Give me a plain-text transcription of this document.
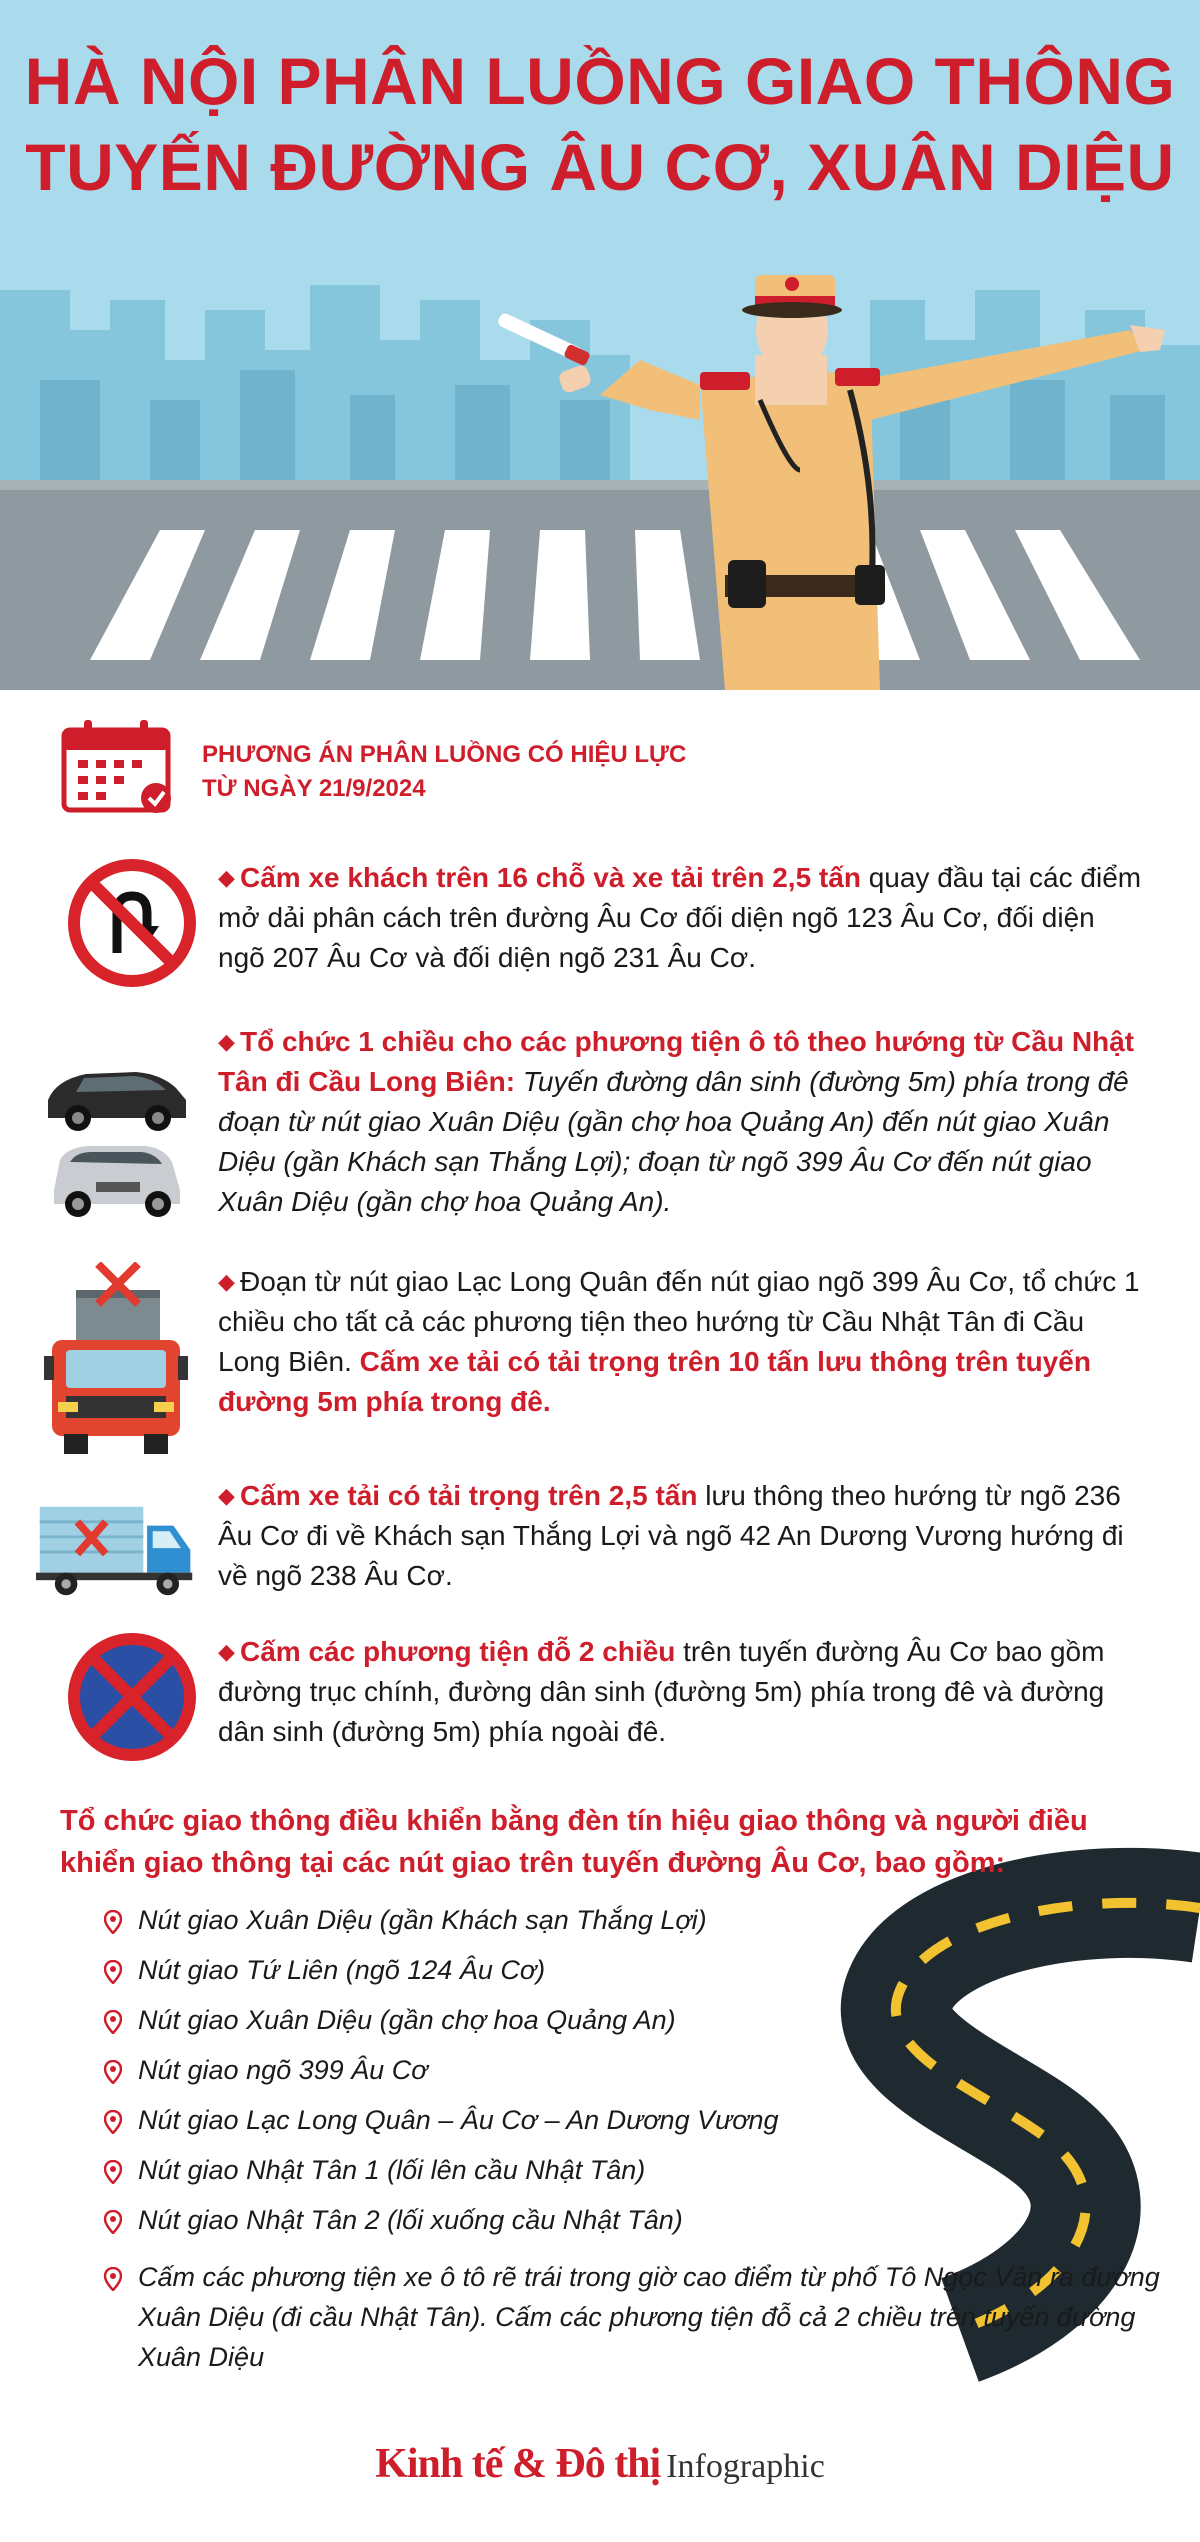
HÀ NỘI PHÂN LUỒNG GIAO THÔNG
TUYẾN ĐƯỜNG ÂU CƠ, XUÂN DIỆU
PHƯƠNG ÁN PHÂN LUỒNG CÓ HIỆU LỰC
TỪ NGÀY 21/9/2024
◆ Cấm xe khách trên 16 chỗ và xe tải trên 2,5 tấn quay đầu tại các điểm mở dải phân cách trên đường Âu Cơ đối diện ngõ 123 Âu Cơ, đối diện ngõ 207 Âu Cơ và đối diện ngõ 231 Âu Cơ.
◆ Tổ chức 1 chiều cho các phương tiện ô tô theo hướng từ Cầu Nhật Tân đi Cầu Long Biên: Tuyến đường dân sinh (đường 5m) phía trong đê đoạn từ nút giao Xuân Diệu (gần chợ hoa Quảng An) đến nút giao Xuân Diệu (gần Khách sạn Thắng Lợi); đoạn từ ngõ 399 Âu Cơ đến nút giao Xuân Diệu (gần chợ hoa Quảng An).
◆ Đoạn từ nút giao Lạc Long Quân đến nút giao ngõ 399 Âu Cơ, tổ chức 1 chiều cho tất cả các phương tiện theo hướng từ Cầu Nhật Tân đi Cầu Long Biên. Cấm xe tải có tải trọng trên 10 tấn lưu thông trên tuyến đường 5m phía trong đê.
◆ Cấm xe tải có tải trọng trên 2,5 tấn lưu thông theo hướng từ ngõ 236 Âu Cơ đi về Khách sạn Thắng Lợi và ngõ 42 An Dương Vương hướng đi về ngõ 238 Âu Cơ.
◆ Cấm các phương tiện đỗ 2 chiều trên tuyến đường Âu Cơ bao gồm đường trục chính, đường dân sinh (đường 5m) phía trong đê và đường dân sinh (đường 5m) phía ngoài đê.
Tổ chức giao thông điều khiển bằng đèn tín hiệu giao thông và người điều khiển giao thông tại các nút giao trên tuyến đường Âu Cơ, bao gồm:
Nút giao Xuân Diệu (gần Khách sạn Thắng Lợi)
Nút giao Tứ Liên (ngõ 124 Âu Cơ)
Nút giao Xuân Diệu (gần chợ hoa Quảng An)
Nút giao ngõ 399 Âu Cơ
Nút giao Lạc Long Quân – Âu Cơ – An Dương Vương
Nút giao Nhật Tân 1 (lối lên cầu Nhật Tân)
Nút giao Nhật Tân 2 (lối xuống cầu Nhật Tân)
Cấm các phương tiện xe ô tô rẽ trái trong giờ cao điểm từ phố Tô Ngọc Vân ra đường Xuân Diệu (đi cầu Nhật Tân). Cấm các phương tiện đỗ cả 2 chiều trên tuyến đường Xuân Diệu
Kinh tế & Đô thị Infographic
